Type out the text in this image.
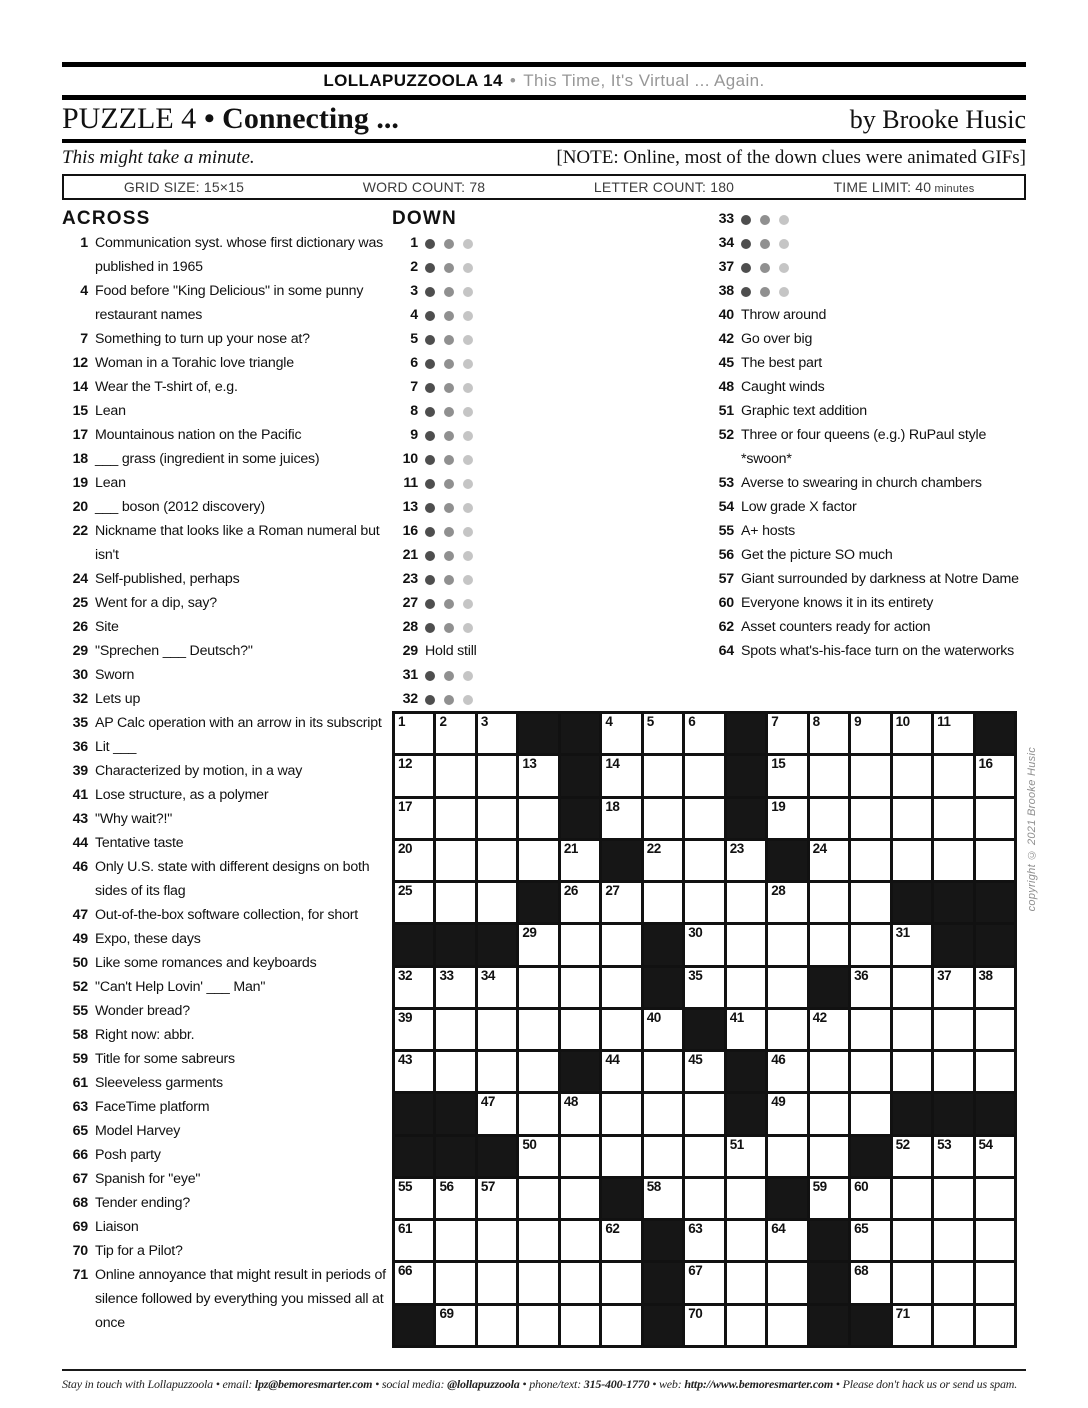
LOLLAPUZZOOLA 14 • This Time, It's Virtual ... Again.
PUZZLE 4 • Connecting ...	by Brooke Husic
This might take a minute.	[NOTE: Online, most of the down clues were animated GIFs]
GRID SIZE: 15×15	WORD COUNT: 78	LETTER COUNT: 180	TIME LIMIT: 40 minutes
ACROSS
1 Communication syst. whose first dictionary was published in 1965
4 Food before "King Delicious" in some punny restaurant names
7 Something to turn up your nose at?
12 Woman in a Torahic love triangle
14 Wear the T-shirt of, e.g.
15 Lean
17 Mountainous nation on the Pacific
18 ___ grass (ingredient in some juices)
19 Lean
20 ___ boson (2012 discovery)
22 Nickname that looks like a Roman numeral but isn't
24 Self-published, perhaps
25 Went for a dip, say?
26 Site
29 "Sprechen ___ Deutsch?"
30 Sworn
32 Lets up
35 AP Calc operation with an arrow in its subscript
36 Lit ___
39 Characterized by motion, in a way
41 Lose structure, as a polymer
43 "Why wait?!"
44 Tentative taste
46 Only U.S. state with different designs on both sides of its flag
47 Out-of-the-box software collection, for short
49 Expo, these days
50 Like some romances and keyboards
52 "Can't Help Lovin' ___ Man"
55 Wonder bread?
58 Right now: abbr.
59 Title for some sabreurs
61 Sleeveless garments
63 FaceTime platform
65 Model Harvey
66 Posh party
67 Spanish for "eye"
68 Tender ending?
69 Liaison
70 Tip for a Pilot?
71 Online annoyance that might result in periods of silence followed by everything you missed all at once
DOWN
1
2
3
4
5
6
7
8
9
10
11
13
16
21
23
27
28
29 Hold still
31
32
33
34
37
38
40 Throw around
42 Go over big
45 The best part
48 Caught winds
51 Graphic text addition
52 Three or four queens (e.g.) RuPaul style *swoon*
53 Averse to swearing in church chambers
54 Low grade X factor
55 A+ hosts
56 Get the picture SO much
57 Giant surrounded by darkness at Notre Dame
60 Everyone knows it in its entirety
62 Asset counters ready for action
64 Spots what's-his-face turn on the waterworks
1	2	3	4	5	6	7	8	9	10 11
12	13	14	15	16
17	18	19
20	21	22	23	24
25	26 27	28
29	30	31
32 33 34	35	36	37 38
39	40	41	42
43	44	45	46
47	48	49
50	51	52 53 54
55 56 57	58	59 60
61	62	63	64	65
66	67	68
69	70	71
copyright © 2021 Brooke Husic
Stay in touch with Lollapuzzoola • email: lpz@bemoresmarter.com • social media: @lollapuzzoola • phone/text: 315-400-1770 • web: http://www.bemoresmarter.com • Please don't hack us or send us spam.
